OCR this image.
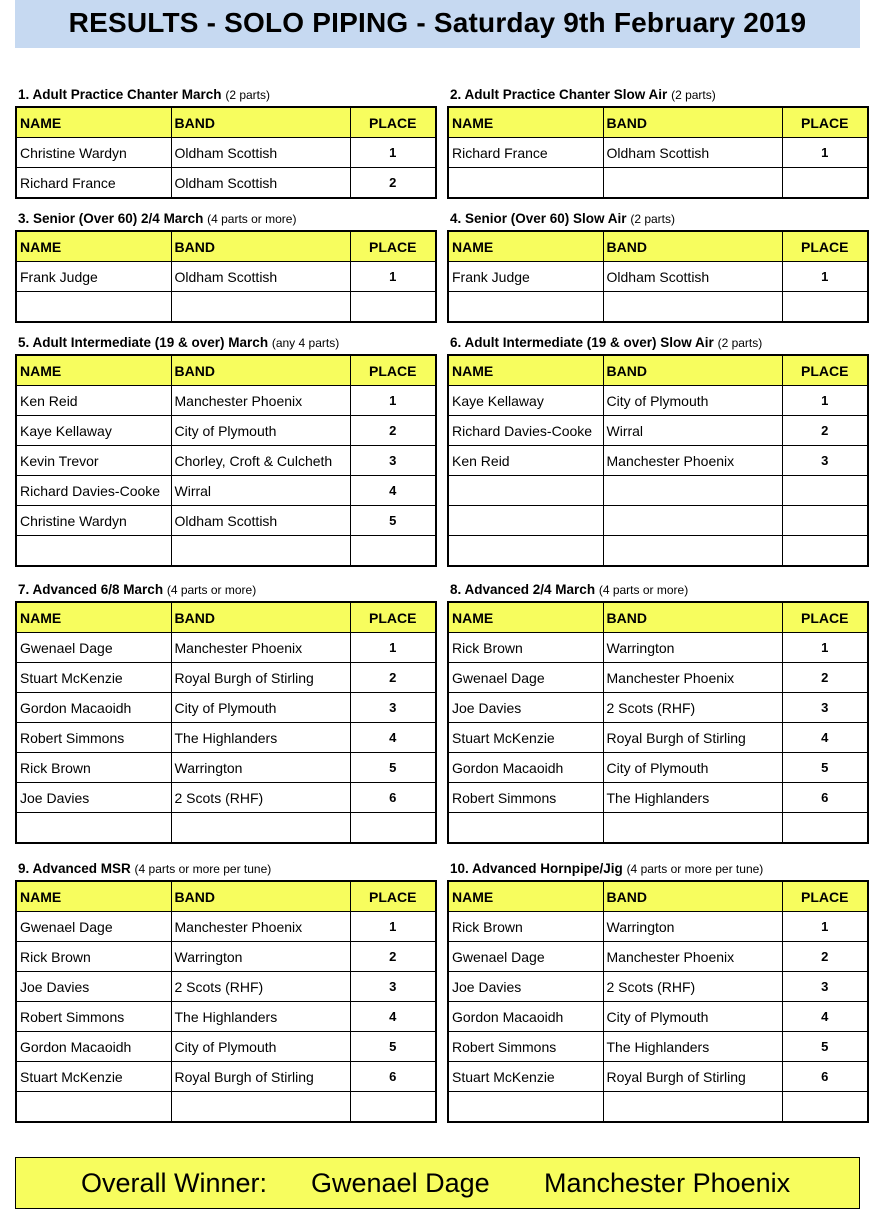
RESULTS - SOLO PIPING - Saturday 9th February 2019
1. Adult Practice Chanter March (2 parts)
NAME	BAND	PLACE
Christine Wardyn	Oldham Scottish	1
Richard France	Oldham Scottish	2
2. Adult Practice Chanter Slow Air (2 parts)
NAME	BAND	PLACE
Richard France	Oldham Scottish	1

3. Senior (Over 60) 2/4 March (4 parts or more)
NAME	BAND	PLACE
Frank Judge	Oldham Scottish	1

4. Senior (Over 60) Slow Air (2 parts)
NAME	BAND	PLACE
Frank Judge	Oldham Scottish	1

5. Adult Intermediate (19 & over) March (any 4 parts)
NAME	BAND	PLACE
Ken Reid	Manchester Phoenix	1
Kaye Kellaway	City of Plymouth	2
Kevin Trevor	Chorley, Croft & Culcheth	3
Richard Davies-Cooke	Wirral	4
Christine Wardyn	Oldham Scottish	5

6. Adult Intermediate (19 & over) Slow Air (2 parts)
NAME	BAND	PLACE
Kaye Kellaway	City of Plymouth	1
Richard Davies-Cooke	Wirral	2
Ken Reid	Manchester Phoenix	3

7. Advanced 6/8 March (4 parts or more)
NAME	BAND	PLACE
Gwenael Dage	Manchester Phoenix	1
Stuart McKenzie	Royal Burgh of Stirling	2
Gordon Macaoidh	City of Plymouth	3
Robert Simmons	The Highlanders	4
Rick Brown	Warrington	5
Joe Davies	2 Scots (RHF)	6

8. Advanced 2/4 March (4 parts or more)
NAME	BAND	PLACE
Rick Brown	Warrington	1
Gwenael Dage	Manchester Phoenix	2
Joe Davies	2 Scots (RHF)	3
Stuart McKenzie	Royal Burgh of Stirling	4
Gordon Macaoidh	City of Plymouth	5
Robert Simmons	The Highlanders	6

9. Advanced MSR (4 parts or more per tune)
NAME	BAND	PLACE
Gwenael Dage	Manchester Phoenix	1
Rick Brown	Warrington	2
Joe Davies	2 Scots (RHF)	3
Robert Simmons	The Highlanders	4
Gordon Macaoidh	City of Plymouth	5
Stuart McKenzie	Royal Burgh of Stirling	6

10. Advanced Hornpipe/Jig (4 parts or more per tune)
NAME	BAND	PLACE
Rick Brown	Warrington	1
Gwenael Dage	Manchester Phoenix	2
Joe Davies	2 Scots (RHF)	3
Gordon Macaoidh	City of Plymouth	4
Robert Simmons	The Highlanders	5
Stuart McKenzie	Royal Burgh of Stirling	6

Overall Winner: Gwenael Dage Manchester Phoenix
